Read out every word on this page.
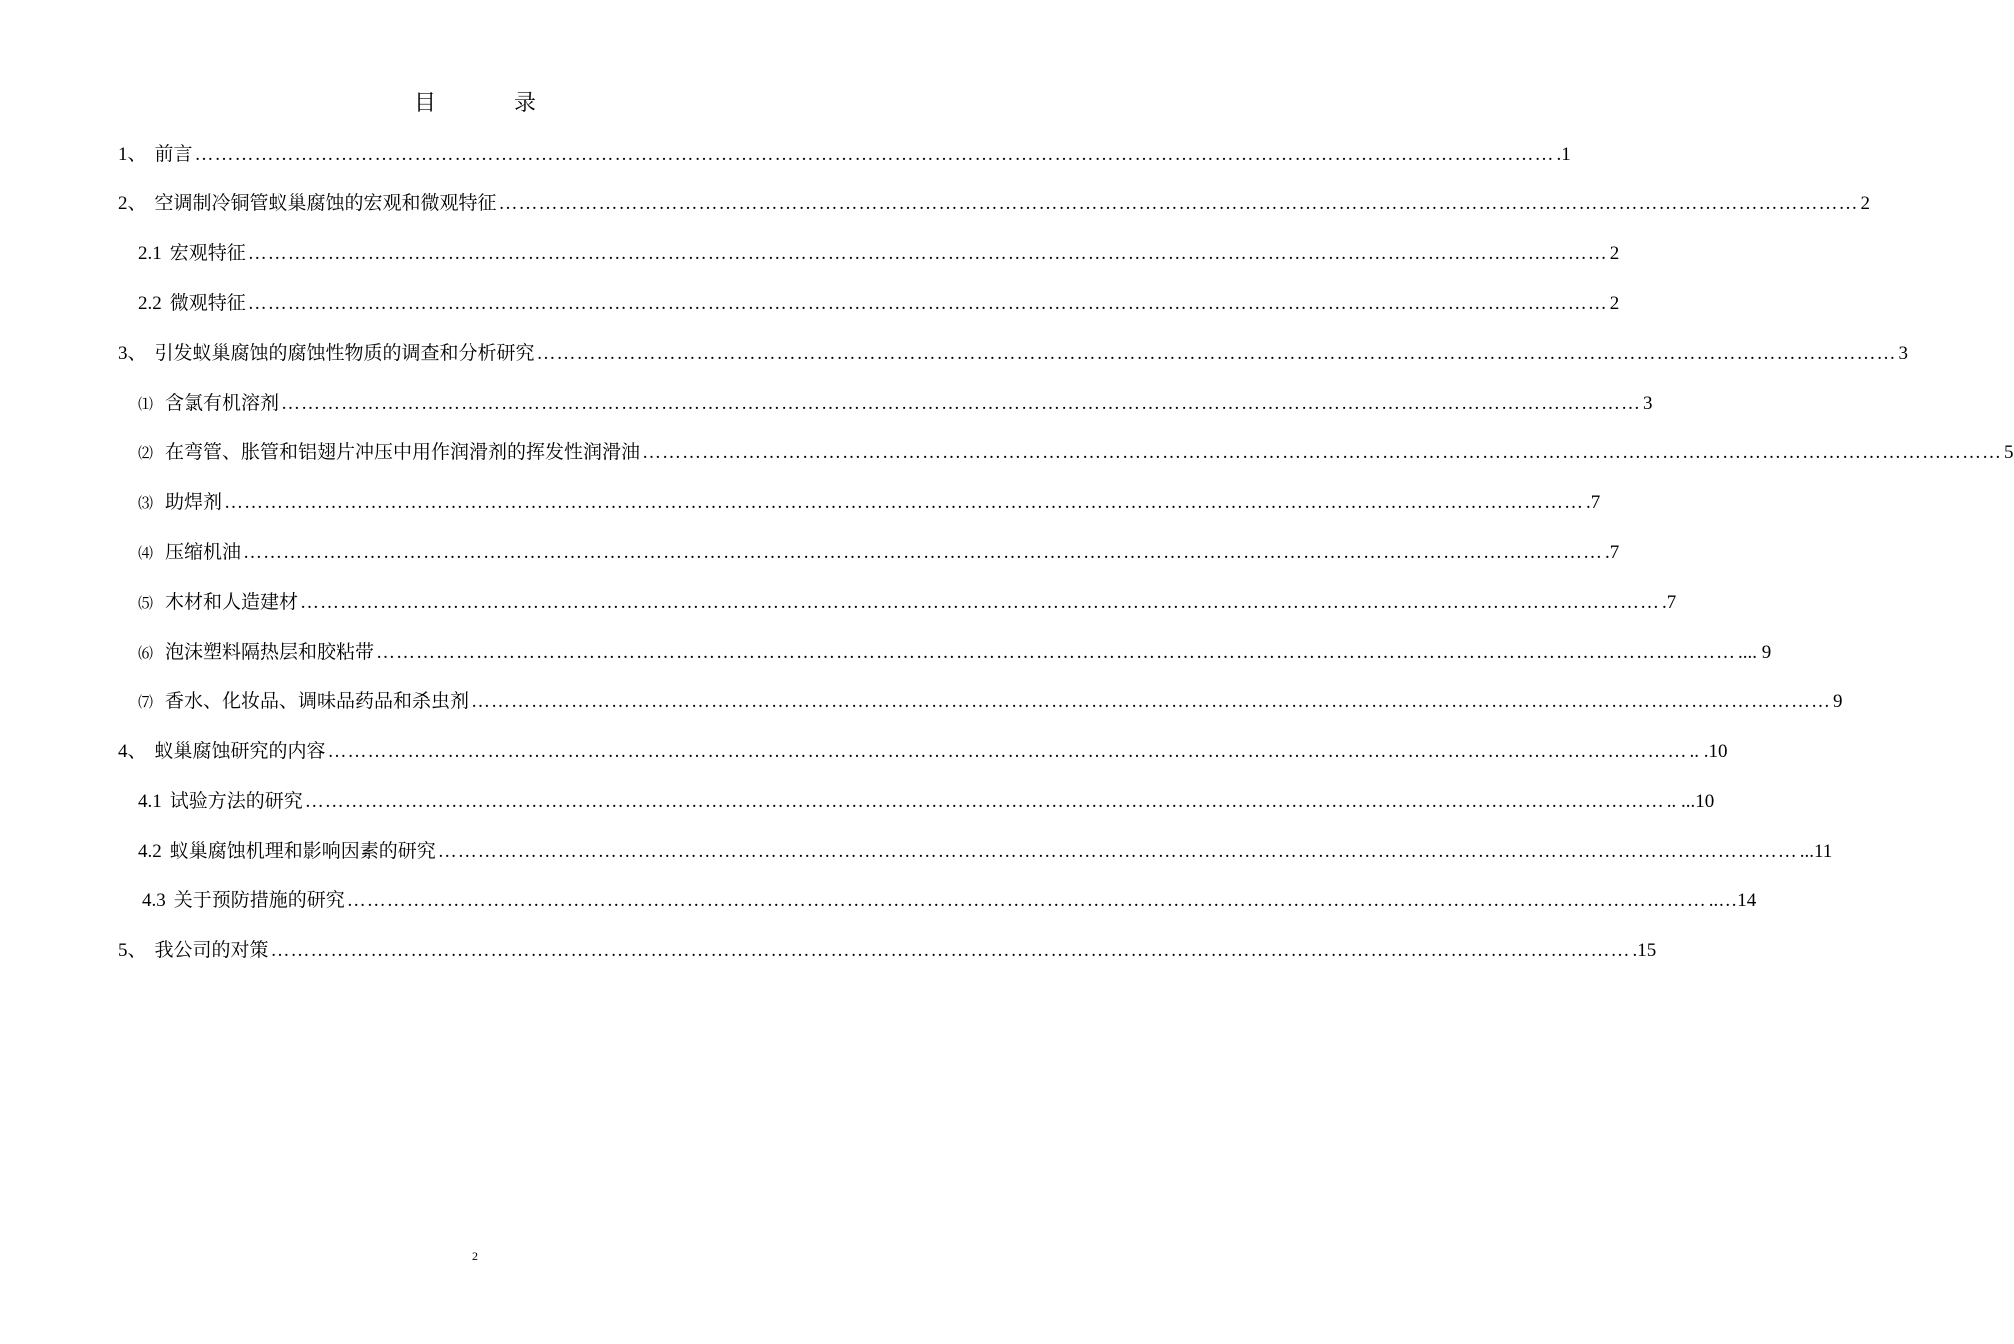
目　录
1、 前言 …………………………………………………………………………………………………………………………………………………………………………………… .1
2、 空调制冷铜管蚁巢腐蚀的宏观和微观特征 …………………………………………………………………………………………………………………………………………………………………………………… 2
2.1 宏观特征 …………………………………………………………………………………………………………………………………………………………………………………… 2
2.2 微观特征 …………………………………………………………………………………………………………………………………………………………………………………… 2
3、 引发蚁巢腐蚀的腐蚀性物质的调查和分析研究 …………………………………………………………………………………………………………………………………………………………………………………… 3
⑴ 含氯有机溶剂 …………………………………………………………………………………………………………………………………………………………………………………… 3
⑵ 在弯管、胀管和铝翅片冲压中用作润滑剂的挥发性润滑油 …………………………………………………………………………………………………………………………………………………………………………………… 5
⑶ 助焊剂 …………………………………………………………………………………………………………………………………………………………………………………… .7
⑷ 压缩机油 …………………………………………………………………………………………………………………………………………………………………………………… .7
⑸ 木材和人造建材 …………………………………………………………………………………………………………………………………………………………………………………… .7
⑹ 泡沫塑料隔热层和胶粘带 …………………………………………………………………………………………………………………………………………………………………………………… .... 9
⑺ 香水、化妆品、调味品药品和杀虫剂 …………………………………………………………………………………………………………………………………………………………………………………… 9
4、 蚁巢腐蚀研究的内容 …………………………………………………………………………………………………………………………………………………………………………………… .. .10
4.1 试验方法的研究 …………………………………………………………………………………………………………………………………………………………………………………… .. ...10
4.2 蚁巢腐蚀机理和影响因素的研究 …………………………………………………………………………………………………………………………………………………………………………………… ...11
4.3 关于预防措施的研究 …………………………………………………………………………………………………………………………………………………………………………………… ..…14
5、 我公司的对策 …………………………………………………………………………………………………………………………………………………………………………………… .15
2
